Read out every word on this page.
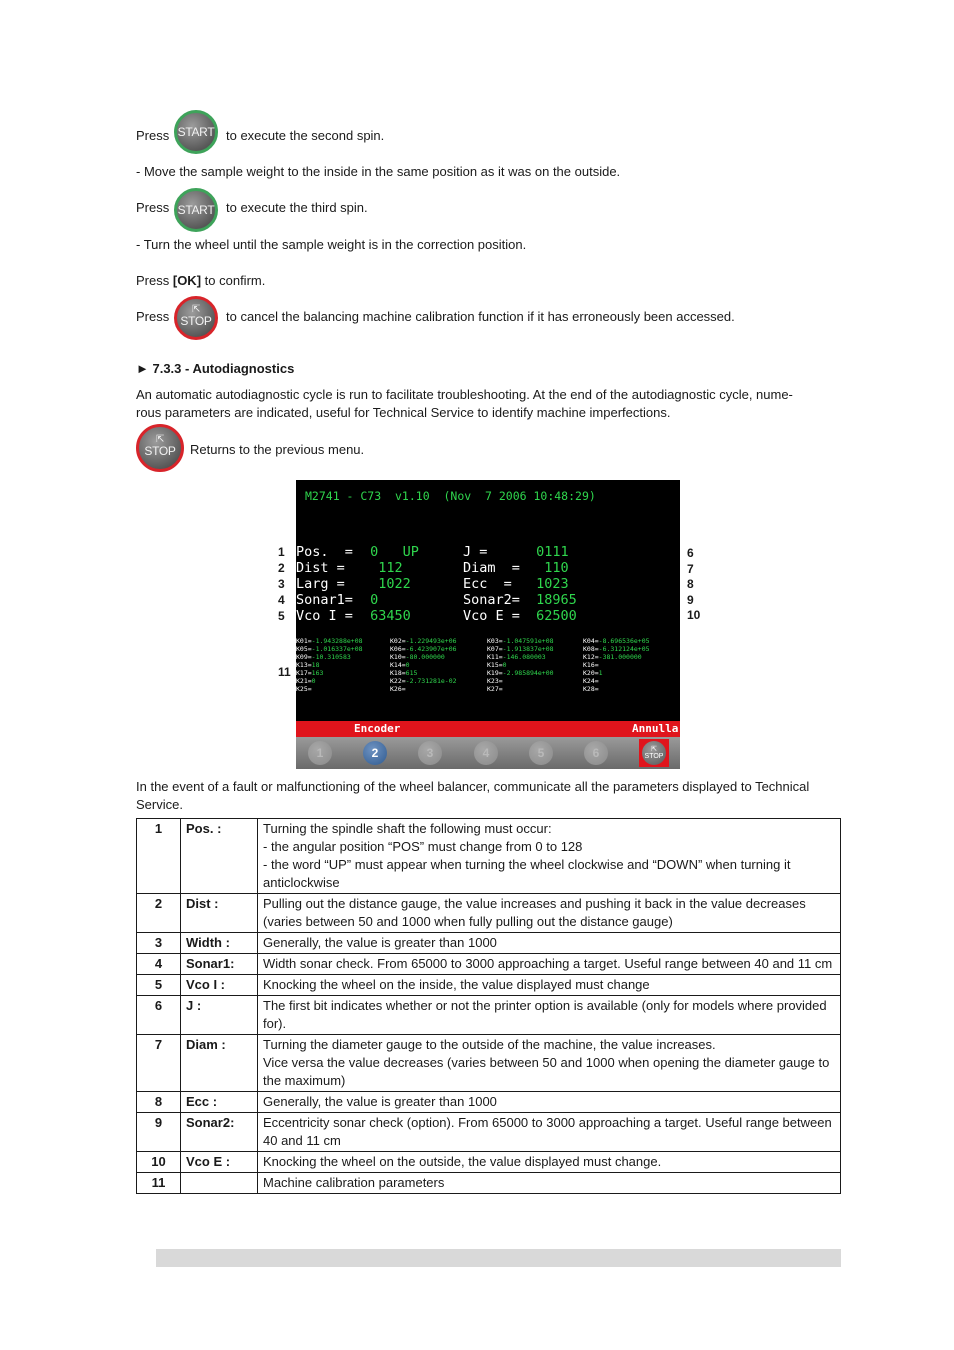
Press START to execute the second spin.
- Move the sample weight to the inside in the same position as it was on the outside.
Press START to execute the third spin.
- Turn the wheel until the sample weight is in the correction position.
Press [OK] to confirm.
Press ⇱
STOP to cancel the balancing machine calibration function if it has erroneously been accessed.
► 7.3.3 - Autodiagnostics
An automatic autodiagnostic cycle is run to facilitate troubleshooting. At the end of the autodiagnostic cycle, nume-
rous parameters are indicated, useful for Technical Service to identify machine imperfections.
⇱
STOP Returns to the previous menu.
1
2
3
4
5
6
7
8
9
10
11
M2741 - C73  v1.10  (Nov  7 2006 10:48:29)
Pos.  = 0   UP	J = 0111
Dist = 112	Diam  = 110
Larg = 1022	Ecc  = 1023
Sonar1= 0	Sonar2= 18965
Vco I = 63450	Vco E = 62500
K01=-1.943288e+08	K02=-1.229493e+06	K03=-1.047591e+08	K04=-8.696536e+05
K05=-1.016337e+08	K06=-6.423907e+06	K07=-1.913837e+08	K08=-6.312124e+05
K09=-10.310583	K10=-80.000000	K11=-146.080003	K12=-381.000000
K13=18	K14=0	K15=0	K16=
K17=163	K18=615	K19=-2.985894e+00	K20=1
K21=0	K22=-2.731281e-02	K23=	K24=
K25=	K26=	K27=	K28=
Encoder	Annulla
⇱
STOP
1	2	3	4	5	6
In the event of a fault or malfunctioning of the wheel balancer, communicate all the parameters displayed to Technical
Service.
1	Pos. :	Turning the spindle shaft the following must occur:
- the angular position “POS” must change from 0 to 128
- the word “UP” must appear when turning the wheel clockwise and “DOWN” when turning it anticlockwise

2	Dist :	Pulling out the distance gauge, the value increases and pushing it back in the value decreases (varies between 50 and 1000 when fully pulling out the distance gauge)

3	Width :	Generally, the value is greater than 1000

4	Sonar1:	Width sonar check. From 65000 to 3000 approaching a target. Useful range between 40 and 11 cm

5	Vco I :	Knocking the wheel on the inside, the value displayed must change

6	J :	The first bit indicates whether or not the printer option is available (only for models where provided for).

7	Diam :	Turning the diameter gauge to the outside of the machine, the value increases.
Vice versa the value decreases (varies between 50 and 1000 when opening the diameter gauge to the maximum)

8	Ecc :	Generally, the value is greater than 1000

9	Sonar2:	Eccentricity sonar check (option). From 65000 to 3000 approaching a target. Useful range between 40 and 11 cm

10	Vco E :	Knocking the wheel on the outside, the value displayed must change.

11		Machine calibration parameters
